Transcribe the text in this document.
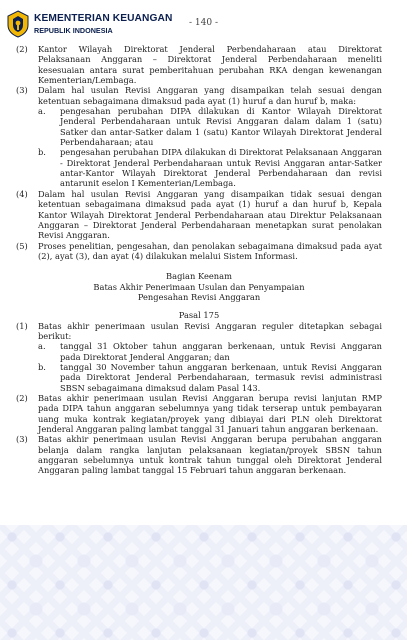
KEMENTERIAN KEUANGAN
REPUBLIK INDONESIA
- 140 -
(2) Kantor Wilayah Direktorat Jenderal Perbendaharaan atau Direktorat Pelaksanaan Anggaran – Direktorat Jenderal Perbendaharaan meneliti kesesuaian antara surat pemberitahuan perubahan RKA dengan kewenangan Kementerian/Lembaga.
(3) Dalam hal usulan Revisi Anggaran yang disampaikan telah sesuai dengan ketentuan sebagaimana dimaksud pada ayat (1) huruf a dan huruf b, maka:
a. pengesahan perubahan DIPA dilakukan di Kantor Wilayah Direktorat Jenderal Perbendaharaan untuk Revisi Anggaran dalam dalam 1 (satu) Satker dan antar-Satker dalam 1 (satu) Kantor Wilayah Direktorat Jenderal Perbendaharaan; atau
b. pengesahan perubahan DIPA dilakukan di Direktorat Pelaksanaan Anggaran - Direktorat Jenderal Perbendaharaan untuk Revisi Anggaran antar-Satker antar-Kantor Wilayah Direktorat Jenderal Perbendaharaan dan revisi antarunit eselon I Kementerian/Lembaga.
(4) Dalam hal usulan Revisi Anggaran yang disampaikan tidak sesuai dengan ketentuan sebagaimana dimaksud pada ayat (1) huruf a dan huruf b, Kepala Kantor Wilayah Direktorat Jenderal Perbendaharaan atau Direktur Pelaksanaan Anggaran – Direktorat Jenderal Perbendaharaan menetapkan surat penolakan Revisi Anggaran.
(5) Proses penelitian, pengesahan, dan penolakan sebagaimana dimaksud pada ayat (2), ayat (3), dan ayat (4) dilakukan melalui Sistem Informasi.
Bagian Keenam
Batas Akhir Penerimaan Usulan dan Penyampaian
Pengesahan Revisi Anggaran
Pasal 175
(1) Batas akhir penerimaan usulan Revisi Anggaran reguler ditetapkan sebagai berikut:
a. tanggal 31 Oktober tahun anggaran berkenaan, untuk Revisi Anggaran pada Direktorat Jenderal Anggaran; dan
b. tanggal 30 November tahun anggaran berkenaan, untuk Revisi Anggaran pada Direktorat Jenderal Perbendaharaan, termasuk revisi administrasi SBSN sebagaimana dimaksud dalam Pasal 143.
(2) Batas akhir penerimaan usulan Revisi Anggaran berupa revisi lanjutan RMP pada DIPA tahun anggaran sebelumnya yang tidak terserap untuk pembayaran uang muka kontrak kegiatan/proyek yang dibiayai dari PLN oleh Direktorat Jenderal Anggaran paling lambat tanggal 31 Januari tahun anggaran berkenaan.
(3) Batas akhir penerimaan usulan Revisi Anggaran berupa perubahan anggaran belanja dalam rangka lanjutan pelaksanaan kegiatan/proyek SBSN tahun anggaran sebelumnya untuk kontrak tahun tunggal oleh Direktorat Jenderal Anggaran paling lambat tanggal 15 Februari tahun anggaran berkenaan.
